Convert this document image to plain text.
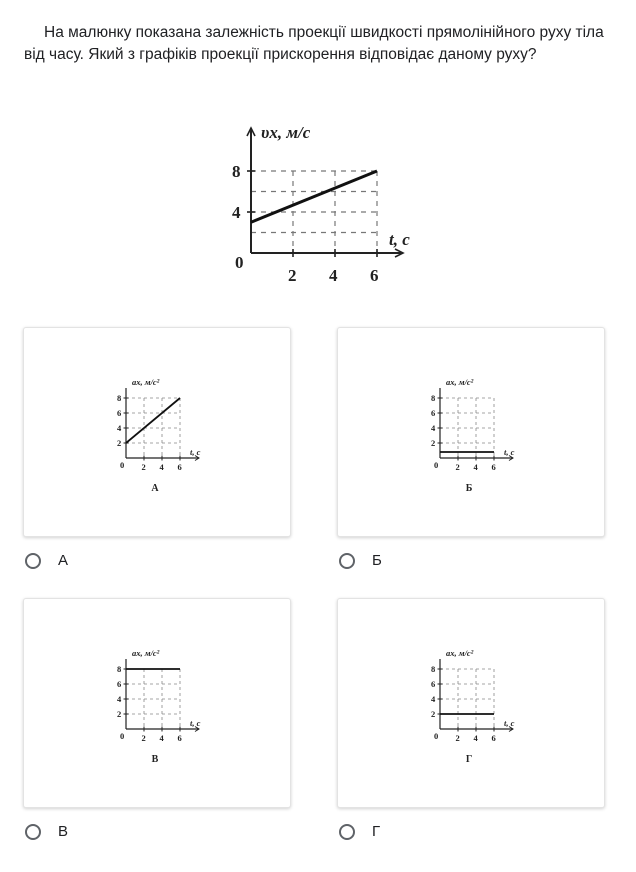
На малюнку показана залежність проекції швидкості прямолінійного руху тіла від часу. Який з графіків проекції прискорення відповідає даному руху?

υx, м/с
t, с
0
8
4
2 4 6
ax, м/с²
t, с
0
8
6
4
2
2 4 6
А
А
ax, м/с²
t, с
0
8
6
4
2
2 4 6
Б
Б
ax, м/с²
t, с
0
8
6
4
2
2 4 6
В
В
ax, м/с²
t, с
0
8
6
4
2
2 4 6
Г
Г
